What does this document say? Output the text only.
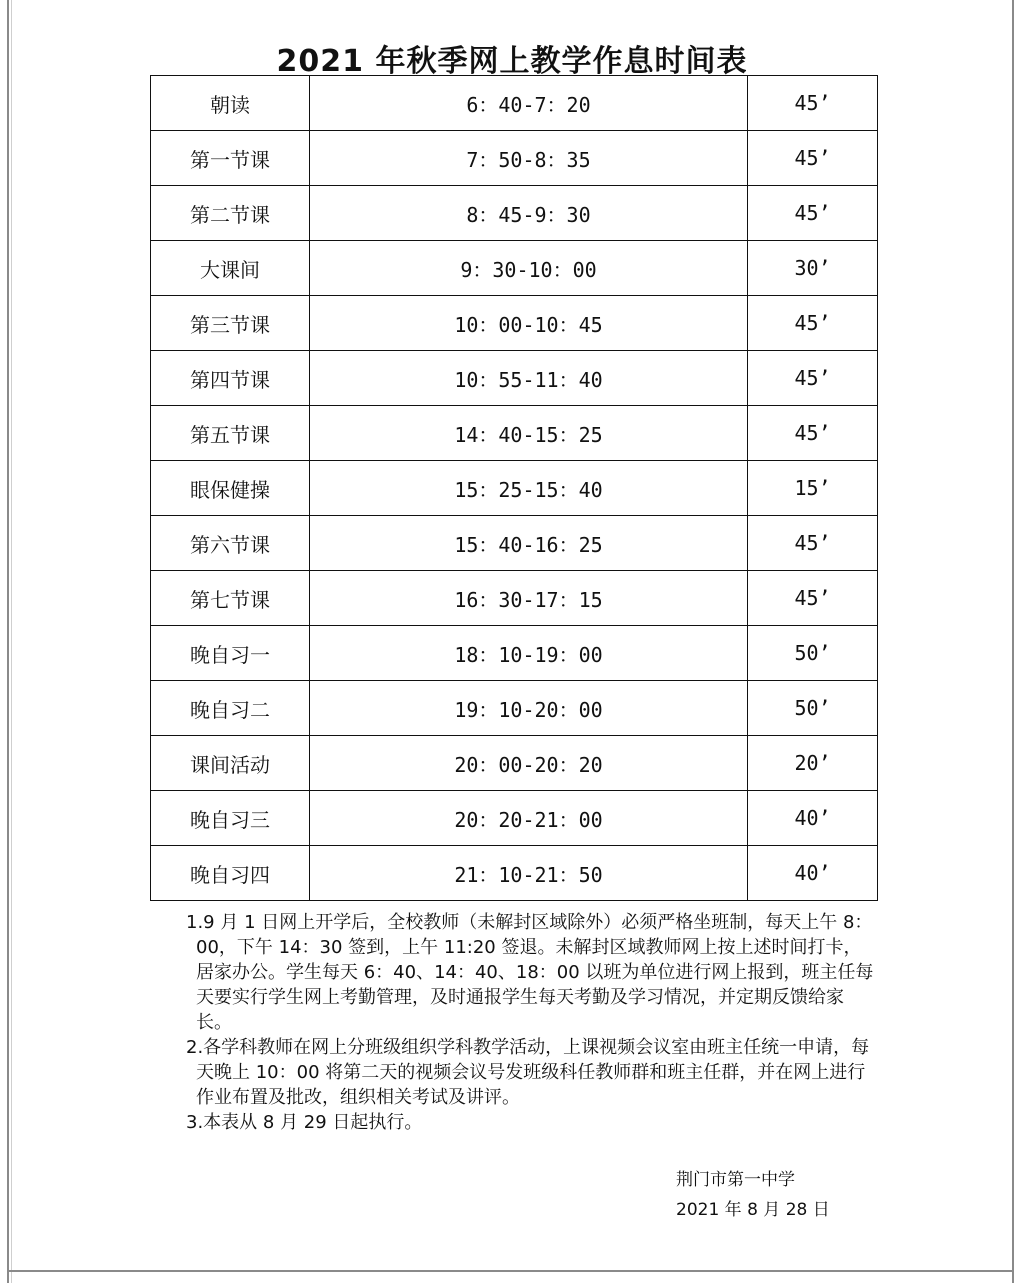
2021 年秋季网上教学作息时间表
朝读	6：40-7：20	45’
第一节课	7：50-8：35	45’
第二节课	8：45-9：30	45’
大课间	9：30-10：00	30’
第三节课	10：00-10：45	45’
第四节课	10：55-11：40	45’
第五节课	14：40-15：25	45’
眼保健操	15：25-15：40	15’
第六节课	15：40-16：25	45’
第七节课	16：30-17：15	45’
晚自习一	18：10-19：00	50’
晚自习二	19：10-20：00	50’
课间活动	20：00-20：20	20’
晚自习三	20：20-21：00	40’
晚自习四	21：10-21：50	40’
1.9 月 1 日网上开学后，全校教师（未解封区域除外）必须严格坐班制，每天上午 8：00，下午 14：30 签到，上午 11:20 签退。未解封区域教师网上按上述时间打卡，居家办公。学生每天 6：40、14：40、18：00 以班为单位进行网上报到，班主任每天要实行学生网上考勤管理，及时通报学生每天考勤及学习情况，并定期反馈给家长。
2.各学科教师在网上分班级组织学科教学活动，上课视频会议室由班主任统一申请，每天晚上 10：00 将第二天的视频会议号发班级科任教师群和班主任群，并在网上进行作业布置及批改，组织相关考试及讲评。
3.本表从 8 月 29 日起执行。
荆门市第一中学
2021 年 8 月 28 日
